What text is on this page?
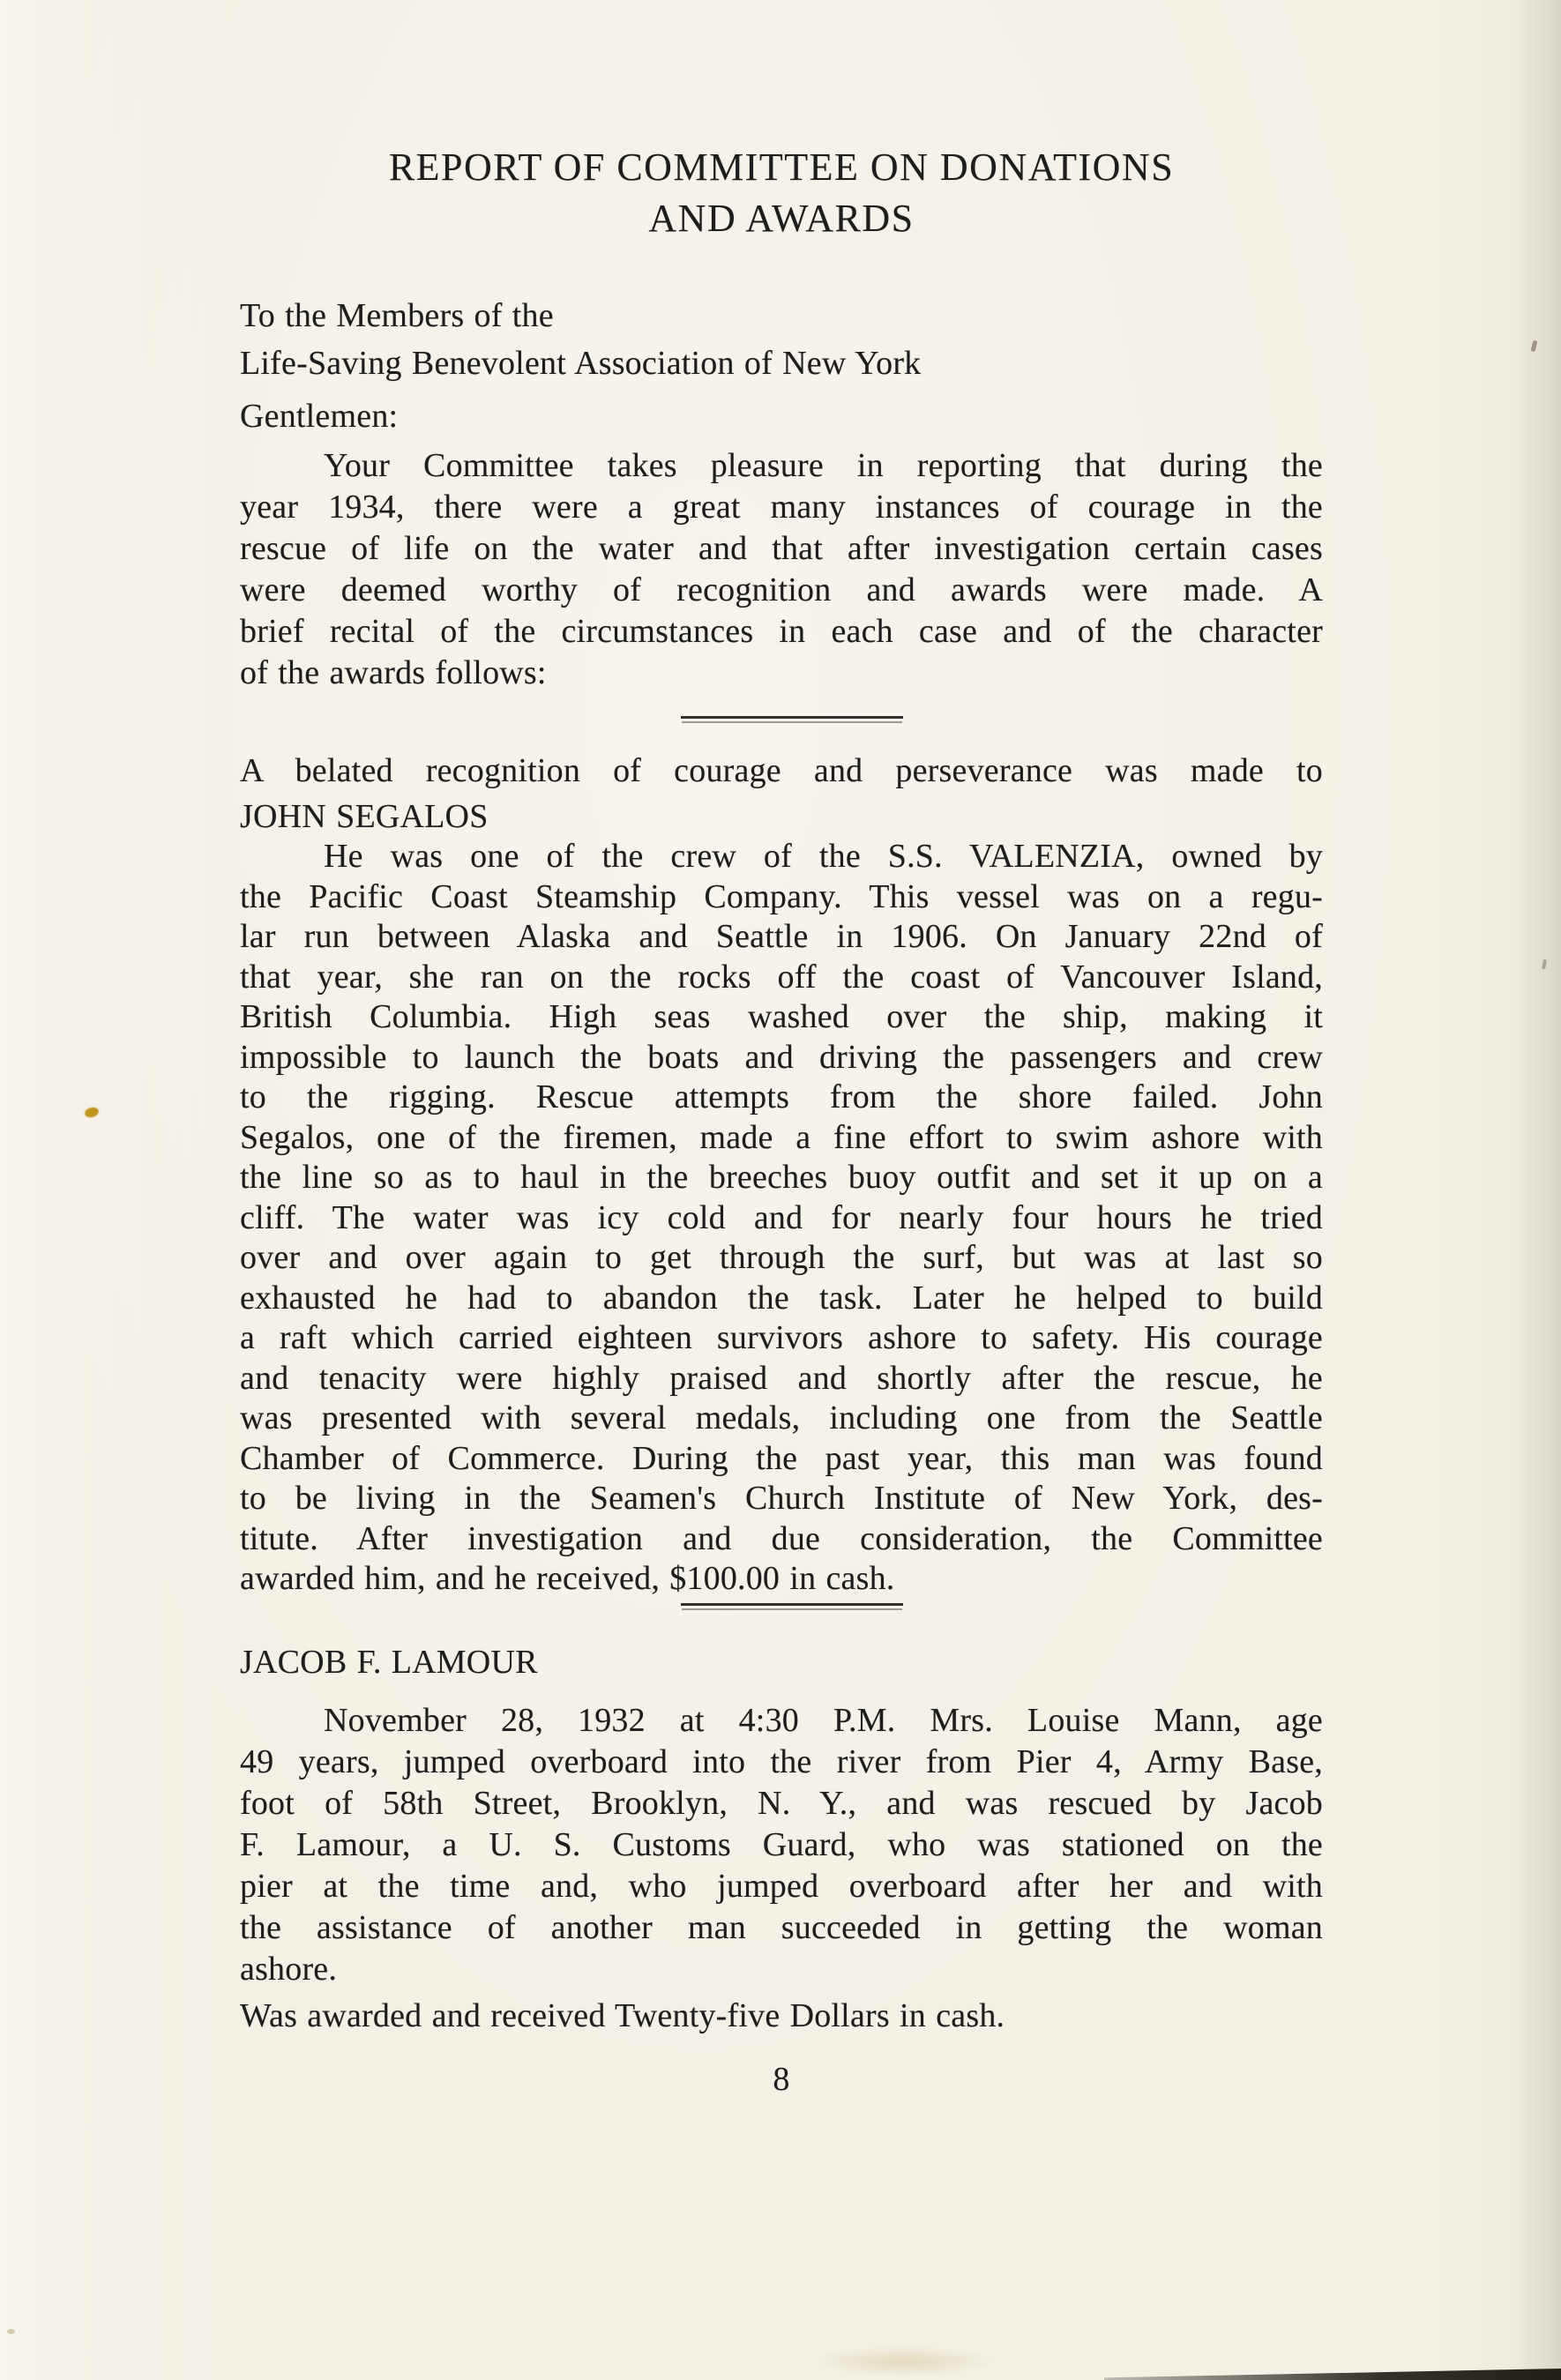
REPORT OF COMMITTEE ON DONATIONS
AND AWARDS
To the Members of the
Life-Saving Benevolent Association of New York
Gentlemen:
Your Committee takes pleasure in reporting that during the
year 1934, there were a great many instances of courage in the
rescue of life on the water and that after investigation certain cases
were deemed worthy of recognition and awards were made. A
brief recital of the circumstances in each case and of the character
of the awards follows:
A belated recognition of courage and perseverance was made to
JOHN SEGALOS
He was one of the crew of the S.S. VALENZIA, owned by
the Pacific Coast Steamship Company. This vessel was on a regu-
lar run between Alaska and Seattle in 1906. On January 22nd of
that year, she ran on the rocks off the coast of Vancouver Island,
British Columbia. High seas washed over the ship, making it
impossible to launch the boats and driving the passengers and crew
to the rigging. Rescue attempts from the shore failed. John
Segalos, one of the firemen, made a fine effort to swim ashore with
the line so as to haul in the breeches buoy outfit and set it up on a
cliff. The water was icy cold and for nearly four hours he tried
over and over again to get through the surf, but was at last so
exhausted he had to abandon the task. Later he helped to build
a raft which carried eighteen survivors ashore to safety. His courage
and tenacity were highly praised and shortly after the rescue, he
was presented with several medals, including one from the Seattle
Chamber of Commerce. During the past year, this man was found
to be living in the Seamen's Church Institute of New York, des-
titute. After investigation and due consideration, the Committee
awarded him, and he received, $100.00 in cash.
JACOB F. LAMOUR
November 28, 1932 at 4:30 P.M. Mrs. Louise Mann, age
49 years, jumped overboard into the river from Pier 4, Army Base,
foot of 58th Street, Brooklyn, N. Y., and was rescued by Jacob
F. Lamour, a U. S. Customs Guard, who was stationed on the
pier at the time and, who jumped overboard after her and with
the assistance of another man succeeded in getting the woman
ashore.
Was awarded and received Twenty-five Dollars in cash.
8
